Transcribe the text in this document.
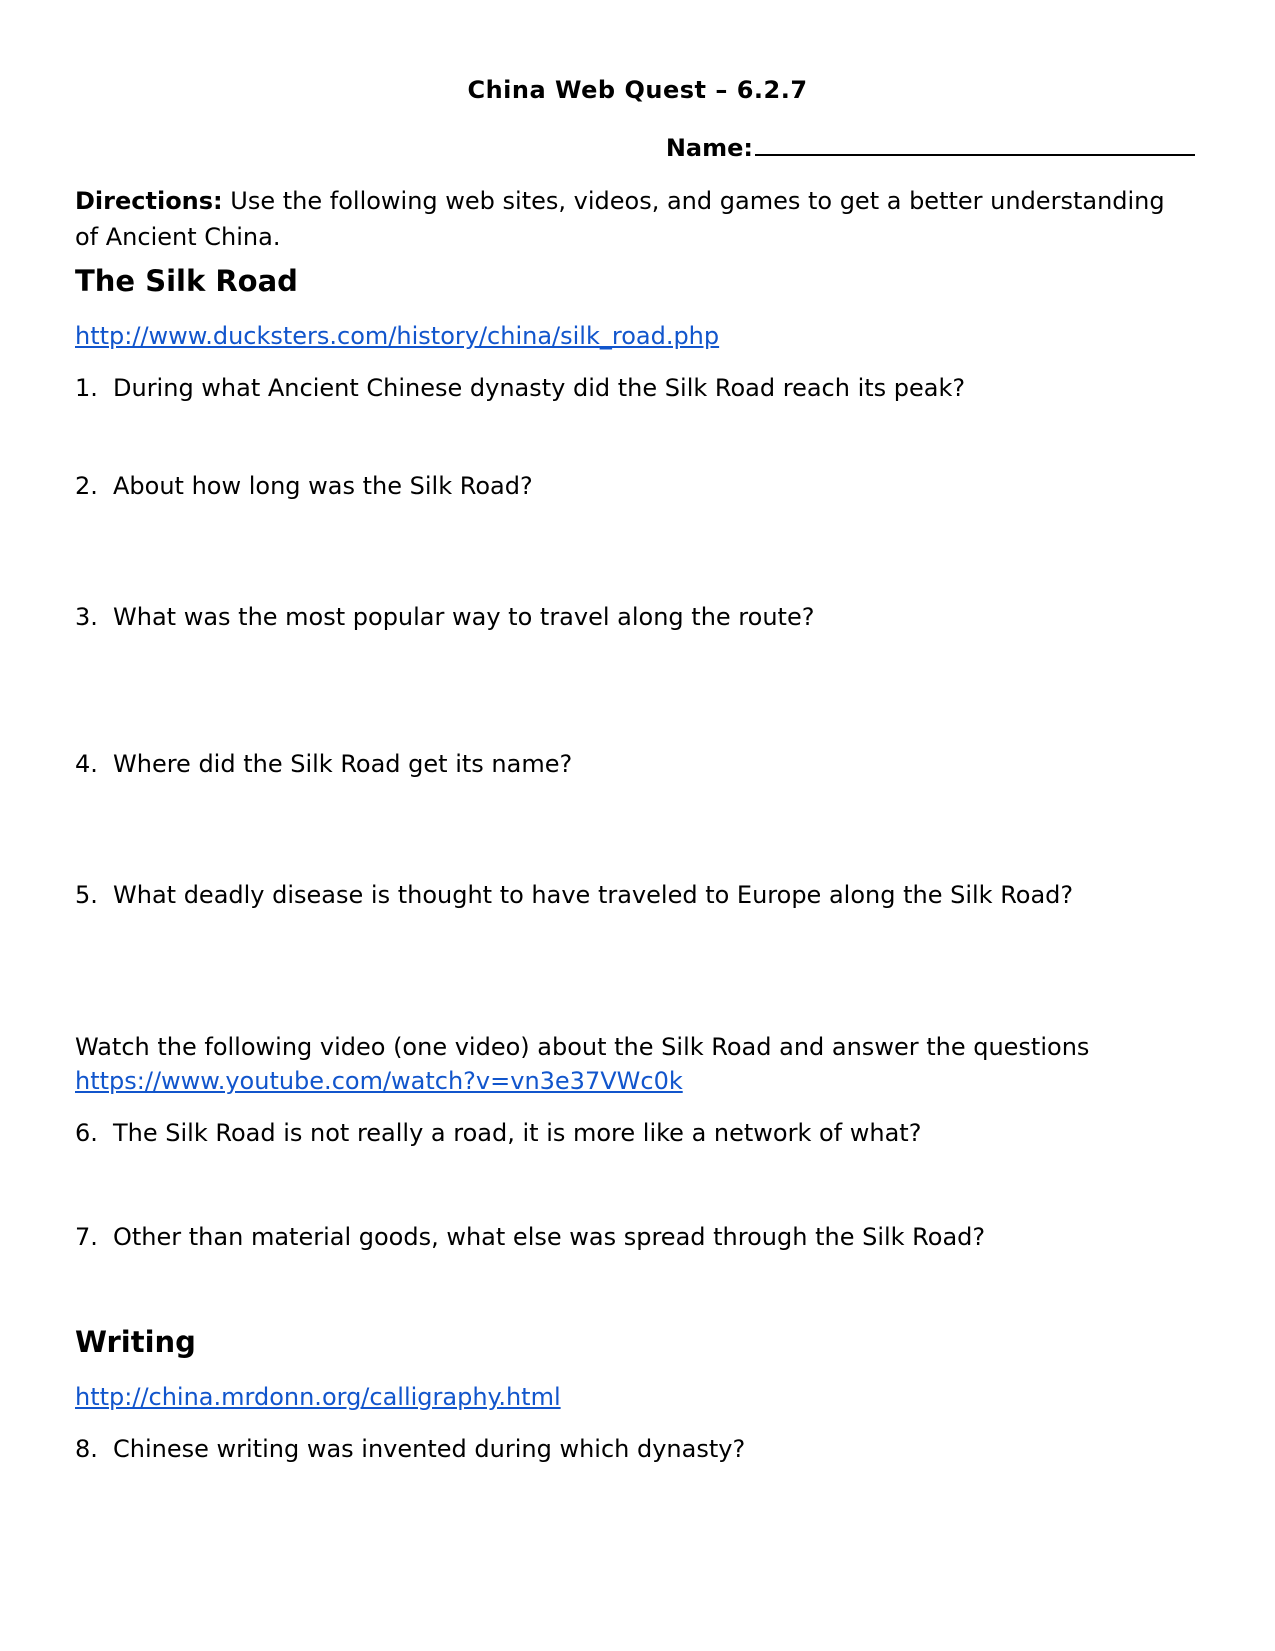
China Web Quest – 6.2.7
Name:
Directions: Use the following web sites, videos, and games to get a better understanding of Ancient China.
The Silk Road
http://www.ducksters.com/history/china/silk_road.php
1. During what Ancient Chinese dynasty did the Silk Road reach its peak?
2. About how long was the Silk Road?
3. What was the most popular way to travel along the route?
4. Where did the Silk Road get its name?
5. What deadly disease is thought to have traveled to Europe along the Silk Road?
Watch the following video (one video) about the Silk Road and answer the questions
https://www.youtube.com/watch?v=vn3e37VWc0k
6. The Silk Road is not really a road, it is more like a network of what?
7. Other than material goods, what else was spread through the Silk Road?
Writing
http://china.mrdonn.org/calligraphy.html
8. Chinese writing was invented during which dynasty?
